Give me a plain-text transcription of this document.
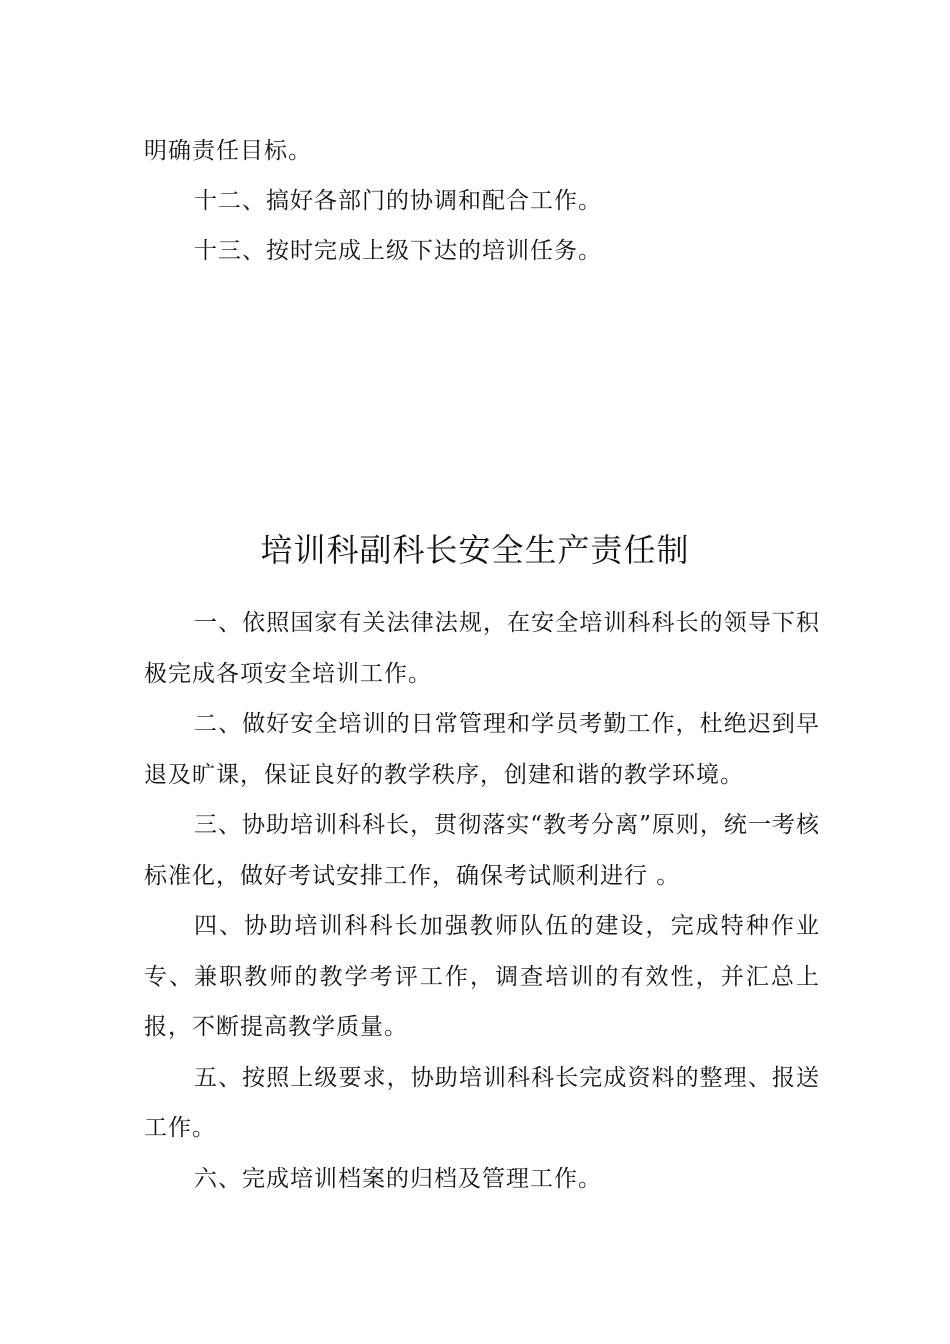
明确责任目标。

十二、搞好各部门的协调和配合工作。

十三、按时完成上级下达的培训任务。

培训科副科长安全生产责任制

一、依照国家有关法律法规，在安全培训科科长的领导下积极完成各项安全培训工作。

二、做好安全培训的日常管理和学员考勤工作，杜绝迟到早退及旷课，保证良好的教学秩序，创建和谐的教学环境。

三、协助培训科科长，贯彻落实“教考分离”原则，统一考核标准化，做好考试安排工作，确保考试顺利进行 。

四、协助培训科科长加强教师队伍的建设，完成特种作业专、兼职教师的教学考评工作，调查培训的有效性，并汇总上报，不断提高教学质量。

五、按照上级要求，协助培训科科长完成资料的整理、报送工作。

六、完成培训档案的归档及管理工作。
